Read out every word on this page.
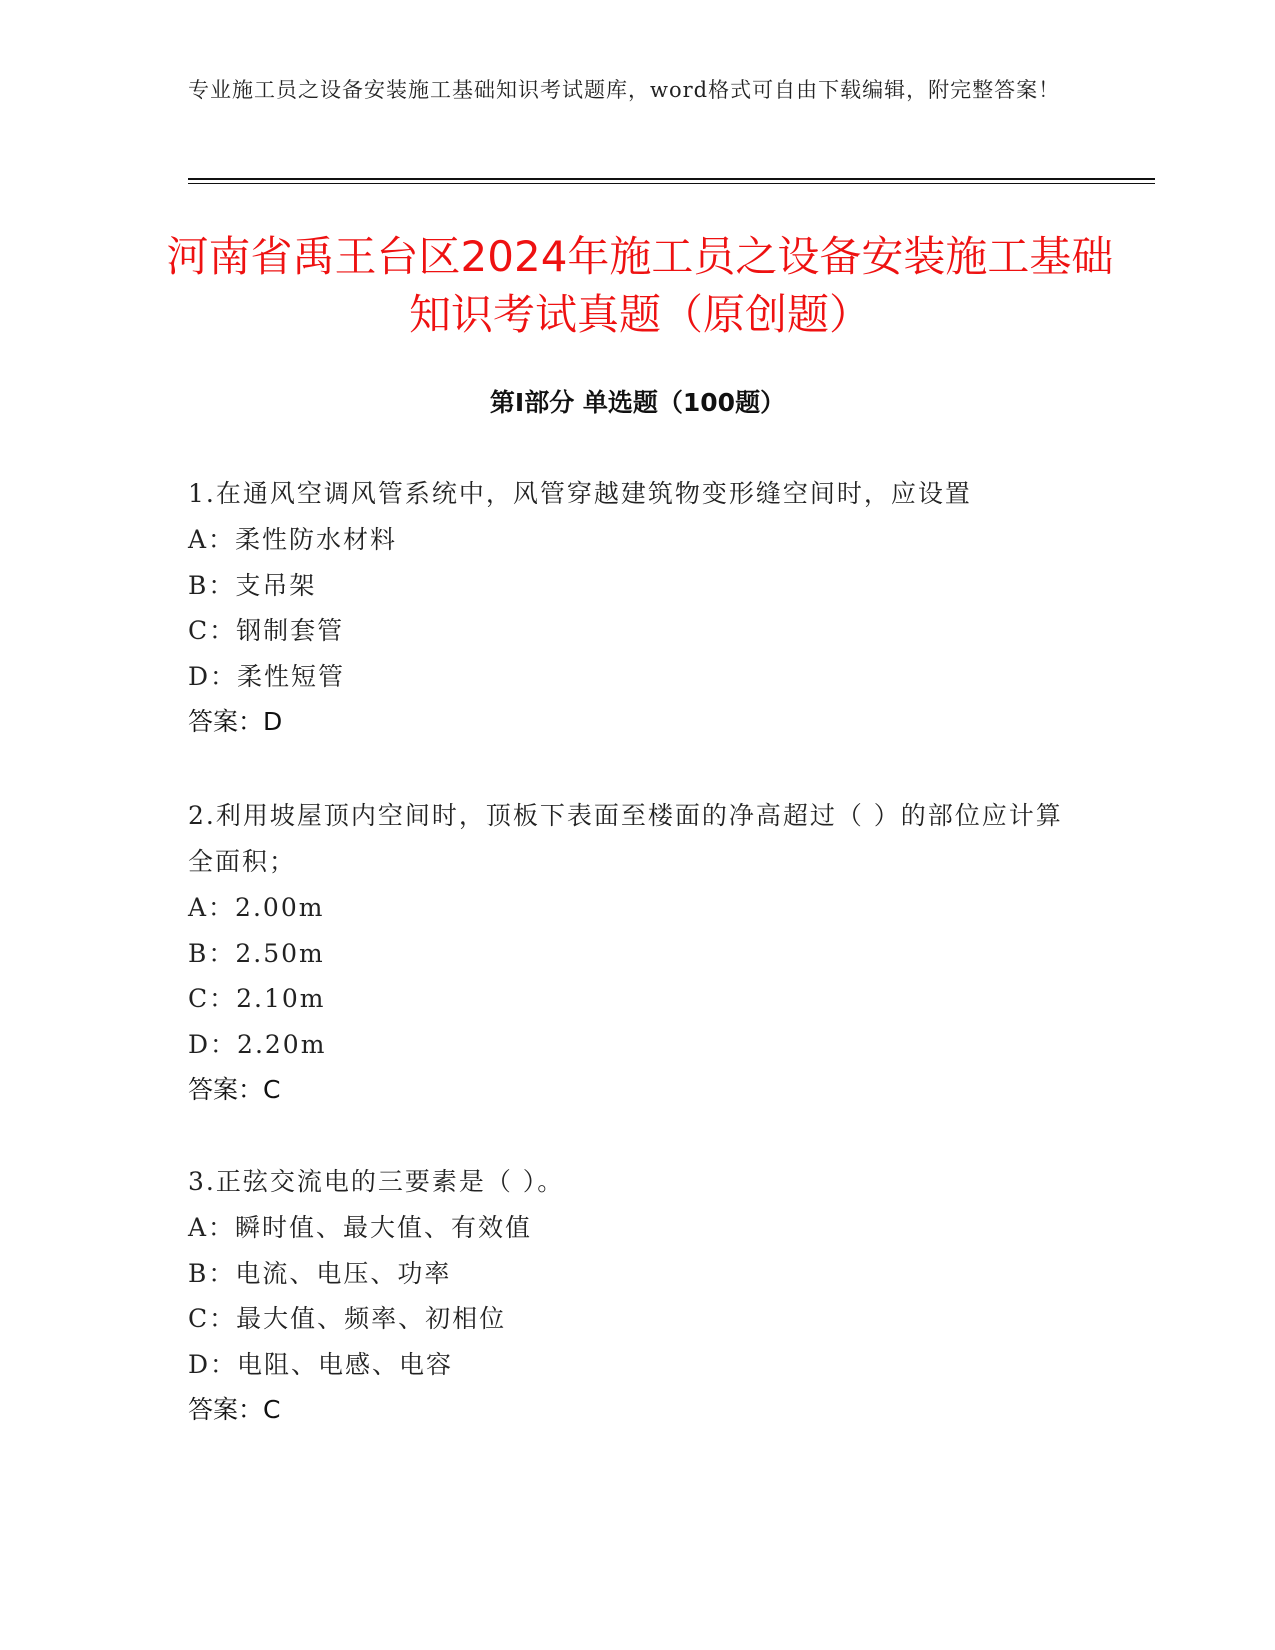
专业施工员之设备安装施工基础知识考试题库，word格式可自由下载编辑，附完整答案！
河南省禹王台区2024年施工员之设备安装施工基础知识考试真题（原创题）
第Ⅰ部分 单选题（100题）

1.在通风空调风管系统中，风管穿越建筑物变形缝空间时，应设置

A：柔性防水材料

B：支吊架

C：钢制套管

D：柔性短管

答案：D

2.利用坡屋顶内空间时，顶板下表面至楼面的净高超过（ ）的部位应计算全面积；

A：2.00m

B：2.50m

C：2.10m

D：2.20m

答案：C

3.正弦交流电的三要素是（ ）。

A：瞬时值、最大值、有效值

B：电流、电压、功率

C：最大值、频率、初相位

D：电阻、电感、电容

答案：C
